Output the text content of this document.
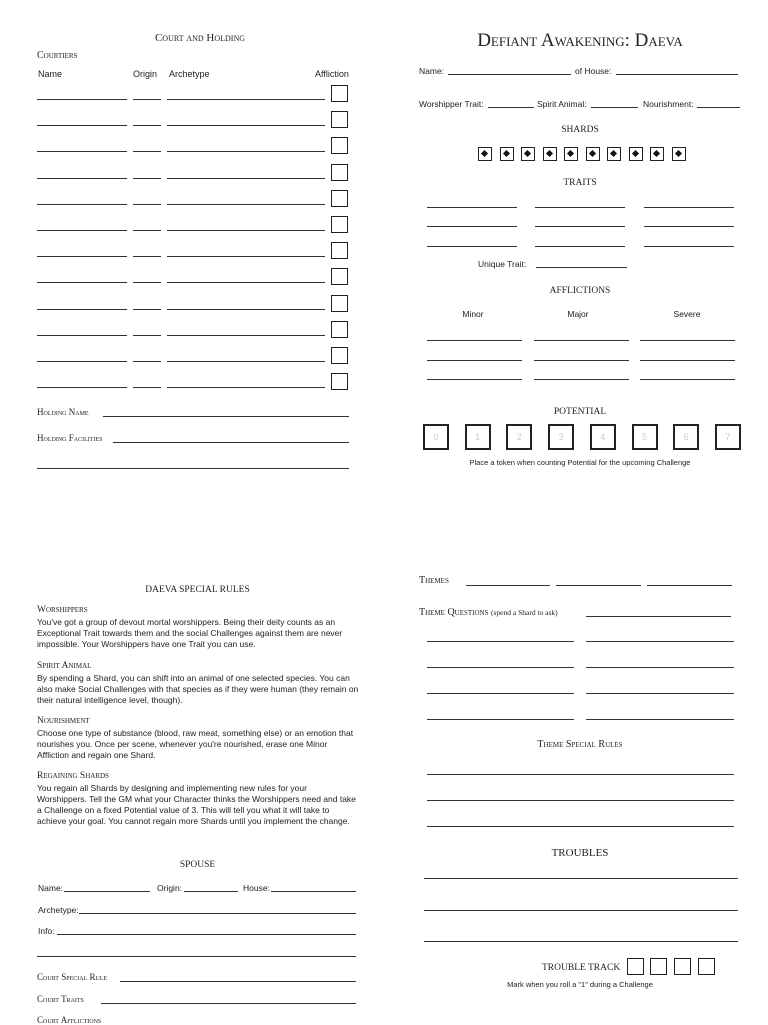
Court and Holding
Courtiers
Name	Origin Archetype	Affliction
Holding Name
Holding Facilities
Defiant Awakening: Daeva
Name:	of House:
Worshipper Trait:	Spirit Animal:	Nourishment:
SHARDS
TRAITS
Unique Trait:
AFFLICTIONS
Minor	Major	Severe
POTENTIAL
0	1	2	3	4	5	6	7
Place a token when counting Potential for the upcoming Challenge
DAEVA SPECIAL RULES
Worshippers
You've got a group of devout mortal worshippers. Being their deity counts as an Exceptional Trait towards them and the social Challenges against them are never impossible. Your Worshippers have one Trait you can use.
Spirit Animal
By spending a Shard, you can shift into an animal of one selected species. You can also make Social Challenges with that species as if they were human (they remain on their natural intelligence level, though).
Nourishment
Choose one type of substance (blood, raw meat, something else) or an emotion that nourishes you. Once per scene, whenever you're nourished, erase one Minor Affliction and regain one Shard.
Regaining Shards
You regain all Shards by designing and implementing new rules for your Worshippers. Tell the GM what your Character thinks the Worshippers need and take a Challenge on a fixed Potential value of 3. This will tell you what it will take to achieve your goal. You cannot regain more Shards until you implement the change.
SPOUSE
Name:	Origin:	House:
Archetype:
Info:
Court Special Rule
Court Traits
Court Afflictions
Themes
Theme Questions (spend a Shard to ask)
Theme Special Rules
TROUBLES
TROUBLE TRACK
Mark when you roll a "1" during a Challenge
